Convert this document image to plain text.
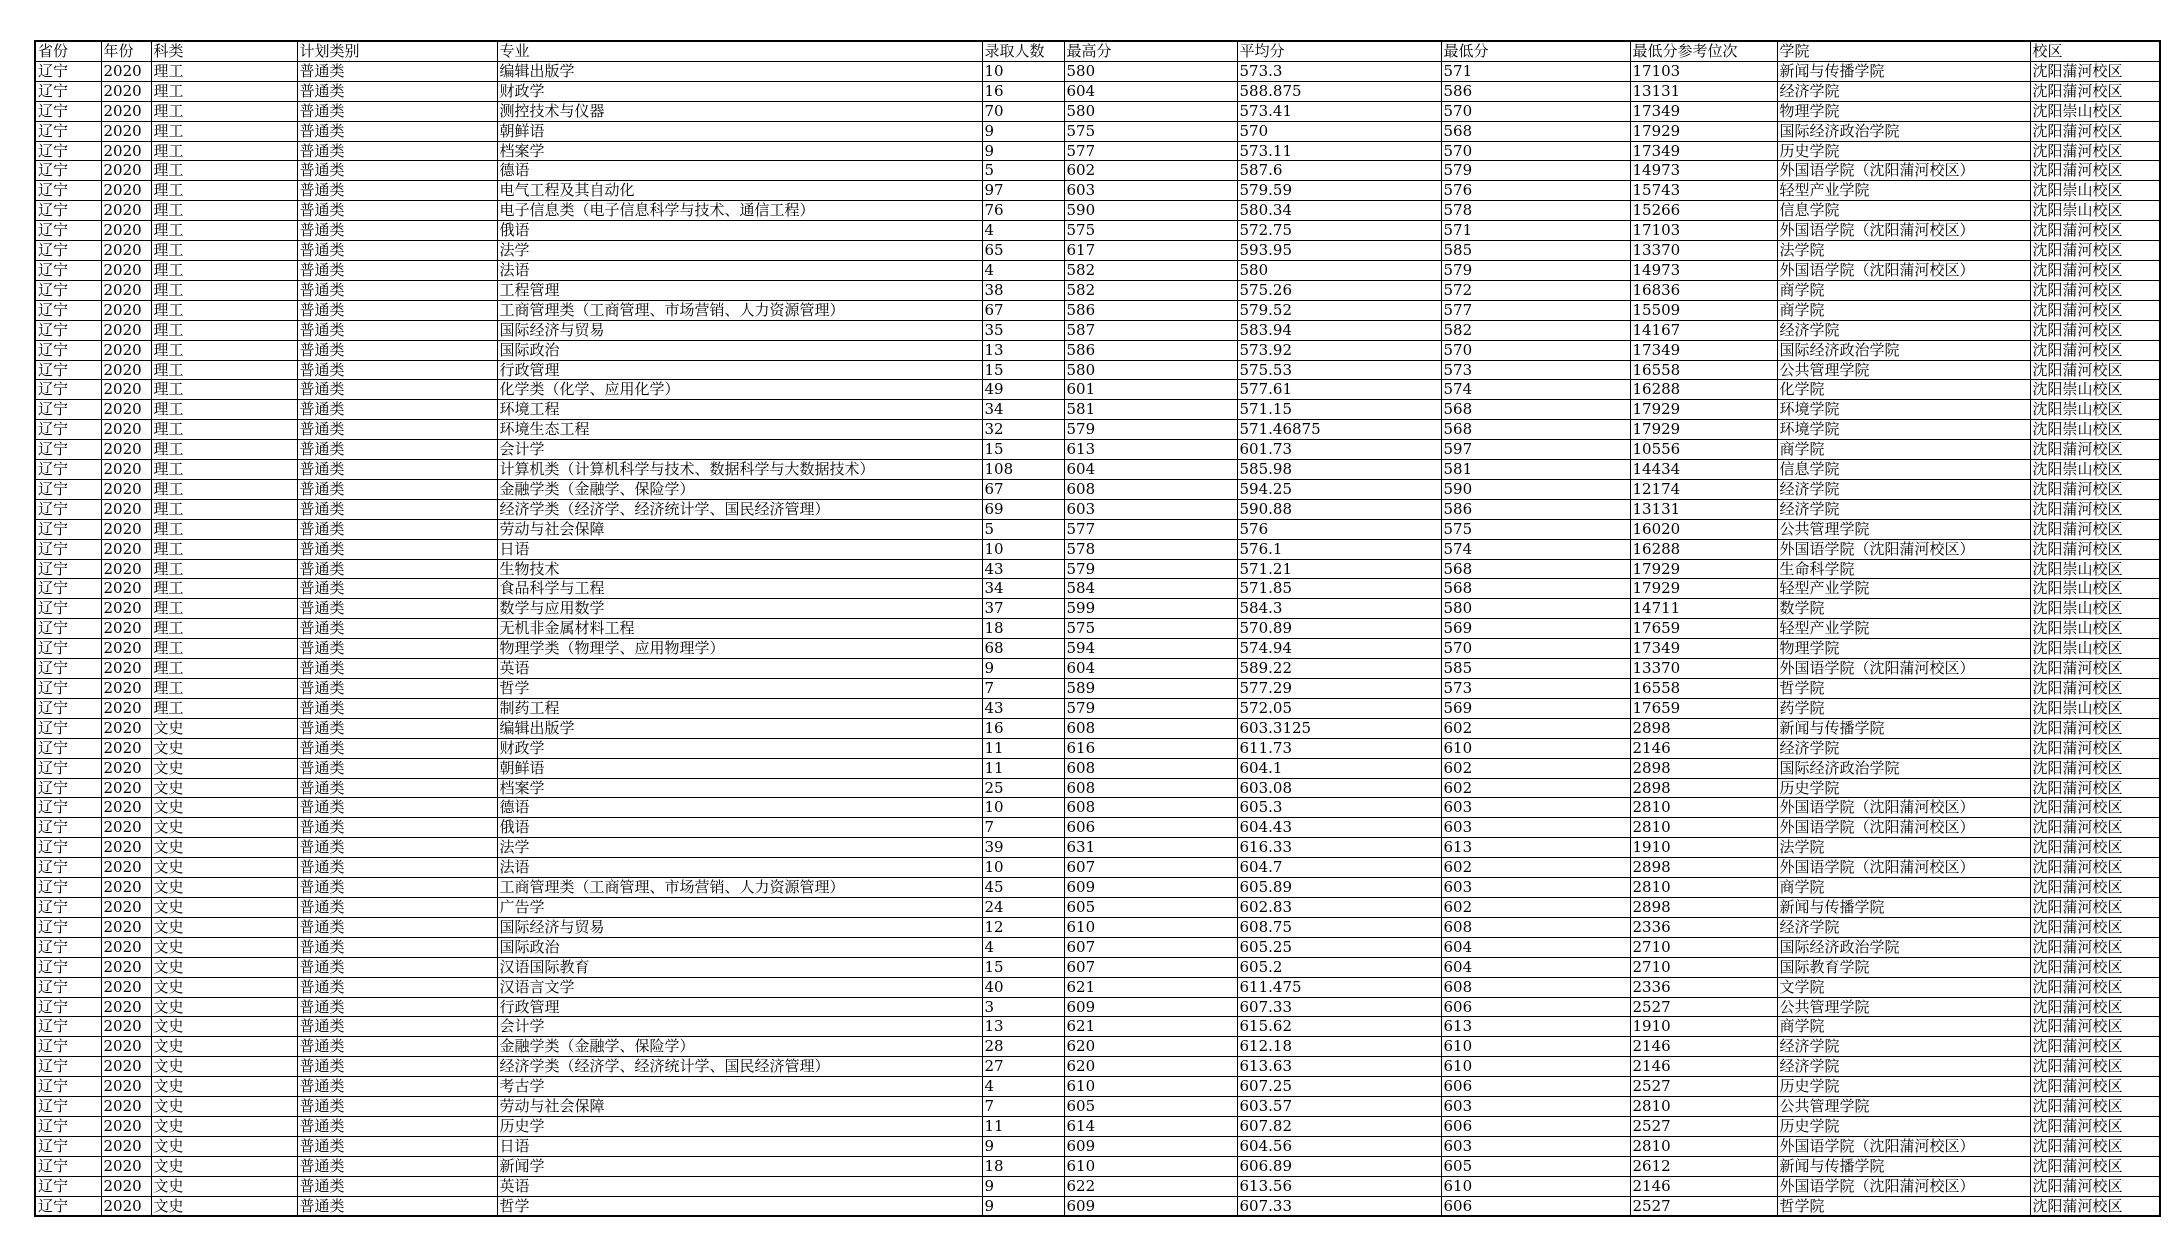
省份	年份	科类	计划类别	专业	录取人数	最高分	平均分	最低分	最低分参考位次	学院	校区
辽宁	2020	理工	普通类	编辑出版学	10	580	573.3	571	17103	新闻与传播学院	沈阳蒲河校区
辽宁	2020	理工	普通类	财政学	16	604	588.875	586	13131	经济学院	沈阳蒲河校区
辽宁	2020	理工	普通类	测控技术与仪器	70	580	573.41	570	17349	物理学院	沈阳崇山校区
辽宁	2020	理工	普通类	朝鲜语	9	575	570	568	17929	国际经济政治学院	沈阳蒲河校区
辽宁	2020	理工	普通类	档案学	9	577	573.11	570	17349	历史学院	沈阳蒲河校区
辽宁	2020	理工	普通类	德语	5	602	587.6	579	14973	外国语学院（沈阳蒲河校区）	沈阳蒲河校区
辽宁	2020	理工	普通类	电气工程及其自动化	97	603	579.59	576	15743	轻型产业学院	沈阳崇山校区
辽宁	2020	理工	普通类	电子信息类（电子信息科学与技术、通信工程）	76	590	580.34	578	15266	信息学院	沈阳崇山校区
辽宁	2020	理工	普通类	俄语	4	575	572.75	571	17103	外国语学院（沈阳蒲河校区）	沈阳蒲河校区
辽宁	2020	理工	普通类	法学	65	617	593.95	585	13370	法学院	沈阳蒲河校区
辽宁	2020	理工	普通类	法语	4	582	580	579	14973	外国语学院（沈阳蒲河校区）	沈阳蒲河校区
辽宁	2020	理工	普通类	工程管理	38	582	575.26	572	16836	商学院	沈阳蒲河校区
辽宁	2020	理工	普通类	工商管理类（工商管理、市场营销、人力资源管理）	67	586	579.52	577	15509	商学院	沈阳蒲河校区
辽宁	2020	理工	普通类	国际经济与贸易	35	587	583.94	582	14167	经济学院	沈阳蒲河校区
辽宁	2020	理工	普通类	国际政治	13	586	573.92	570	17349	国际经济政治学院	沈阳蒲河校区
辽宁	2020	理工	普通类	行政管理	15	580	575.53	573	16558	公共管理学院	沈阳蒲河校区
辽宁	2020	理工	普通类	化学类（化学、应用化学）	49	601	577.61	574	16288	化学院	沈阳崇山校区
辽宁	2020	理工	普通类	环境工程	34	581	571.15	568	17929	环境学院	沈阳崇山校区
辽宁	2020	理工	普通类	环境生态工程	32	579	571.46875	568	17929	环境学院	沈阳崇山校区
辽宁	2020	理工	普通类	会计学	15	613	601.73	597	10556	商学院	沈阳蒲河校区
辽宁	2020	理工	普通类	计算机类（计算机科学与技术、数据科学与大数据技术）	108	604	585.98	581	14434	信息学院	沈阳崇山校区
辽宁	2020	理工	普通类	金融学类（金融学、保险学）	67	608	594.25	590	12174	经济学院	沈阳蒲河校区
辽宁	2020	理工	普通类	经济学类（经济学、经济统计学、国民经济管理）	69	603	590.88	586	13131	经济学院	沈阳蒲河校区
辽宁	2020	理工	普通类	劳动与社会保障	5	577	576	575	16020	公共管理学院	沈阳蒲河校区
辽宁	2020	理工	普通类	日语	10	578	576.1	574	16288	外国语学院（沈阳蒲河校区）	沈阳蒲河校区
辽宁	2020	理工	普通类	生物技术	43	579	571.21	568	17929	生命科学院	沈阳崇山校区
辽宁	2020	理工	普通类	食品科学与工程	34	584	571.85	568	17929	轻型产业学院	沈阳崇山校区
辽宁	2020	理工	普通类	数学与应用数学	37	599	584.3	580	14711	数学院	沈阳崇山校区
辽宁	2020	理工	普通类	无机非金属材料工程	18	575	570.89	569	17659	轻型产业学院	沈阳崇山校区
辽宁	2020	理工	普通类	物理学类（物理学、应用物理学）	68	594	574.94	570	17349	物理学院	沈阳崇山校区
辽宁	2020	理工	普通类	英语	9	604	589.22	585	13370	外国语学院（沈阳蒲河校区）	沈阳蒲河校区
辽宁	2020	理工	普通类	哲学	7	589	577.29	573	16558	哲学院	沈阳蒲河校区
辽宁	2020	理工	普通类	制药工程	43	579	572.05	569	17659	药学院	沈阳崇山校区
辽宁	2020	文史	普通类	编辑出版学	16	608	603.3125	602	2898	新闻与传播学院	沈阳蒲河校区
辽宁	2020	文史	普通类	财政学	11	616	611.73	610	2146	经济学院	沈阳蒲河校区
辽宁	2020	文史	普通类	朝鲜语	11	608	604.1	602	2898	国际经济政治学院	沈阳蒲河校区
辽宁	2020	文史	普通类	档案学	25	608	603.08	602	2898	历史学院	沈阳蒲河校区
辽宁	2020	文史	普通类	德语	10	608	605.3	603	2810	外国语学院（沈阳蒲河校区）	沈阳蒲河校区
辽宁	2020	文史	普通类	俄语	7	606	604.43	603	2810	外国语学院（沈阳蒲河校区）	沈阳蒲河校区
辽宁	2020	文史	普通类	法学	39	631	616.33	613	1910	法学院	沈阳蒲河校区
辽宁	2020	文史	普通类	法语	10	607	604.7	602	2898	外国语学院（沈阳蒲河校区）	沈阳蒲河校区
辽宁	2020	文史	普通类	工商管理类（工商管理、市场营销、人力资源管理）	45	609	605.89	603	2810	商学院	沈阳蒲河校区
辽宁	2020	文史	普通类	广告学	24	605	602.83	602	2898	新闻与传播学院	沈阳蒲河校区
辽宁	2020	文史	普通类	国际经济与贸易	12	610	608.75	608	2336	经济学院	沈阳蒲河校区
辽宁	2020	文史	普通类	国际政治	4	607	605.25	604	2710	国际经济政治学院	沈阳蒲河校区
辽宁	2020	文史	普通类	汉语国际教育	15	607	605.2	604	2710	国际教育学院	沈阳蒲河校区
辽宁	2020	文史	普通类	汉语言文学	40	621	611.475	608	2336	文学院	沈阳蒲河校区
辽宁	2020	文史	普通类	行政管理	3	609	607.33	606	2527	公共管理学院	沈阳蒲河校区
辽宁	2020	文史	普通类	会计学	13	621	615.62	613	1910	商学院	沈阳蒲河校区
辽宁	2020	文史	普通类	金融学类（金融学、保险学）	28	620	612.18	610	2146	经济学院	沈阳蒲河校区
辽宁	2020	文史	普通类	经济学类（经济学、经济统计学、国民经济管理）	27	620	613.63	610	2146	经济学院	沈阳蒲河校区
辽宁	2020	文史	普通类	考古学	4	610	607.25	606	2527	历史学院	沈阳蒲河校区
辽宁	2020	文史	普通类	劳动与社会保障	7	605	603.57	603	2810	公共管理学院	沈阳蒲河校区
辽宁	2020	文史	普通类	历史学	11	614	607.82	606	2527	历史学院	沈阳蒲河校区
辽宁	2020	文史	普通类	日语	9	609	604.56	603	2810	外国语学院（沈阳蒲河校区）	沈阳蒲河校区
辽宁	2020	文史	普通类	新闻学	18	610	606.89	605	2612	新闻与传播学院	沈阳蒲河校区
辽宁	2020	文史	普通类	英语	9	622	613.56	610	2146	外国语学院（沈阳蒲河校区）	沈阳蒲河校区
辽宁	2020	文史	普通类	哲学	9	609	607.33	606	2527	哲学院	沈阳蒲河校区
